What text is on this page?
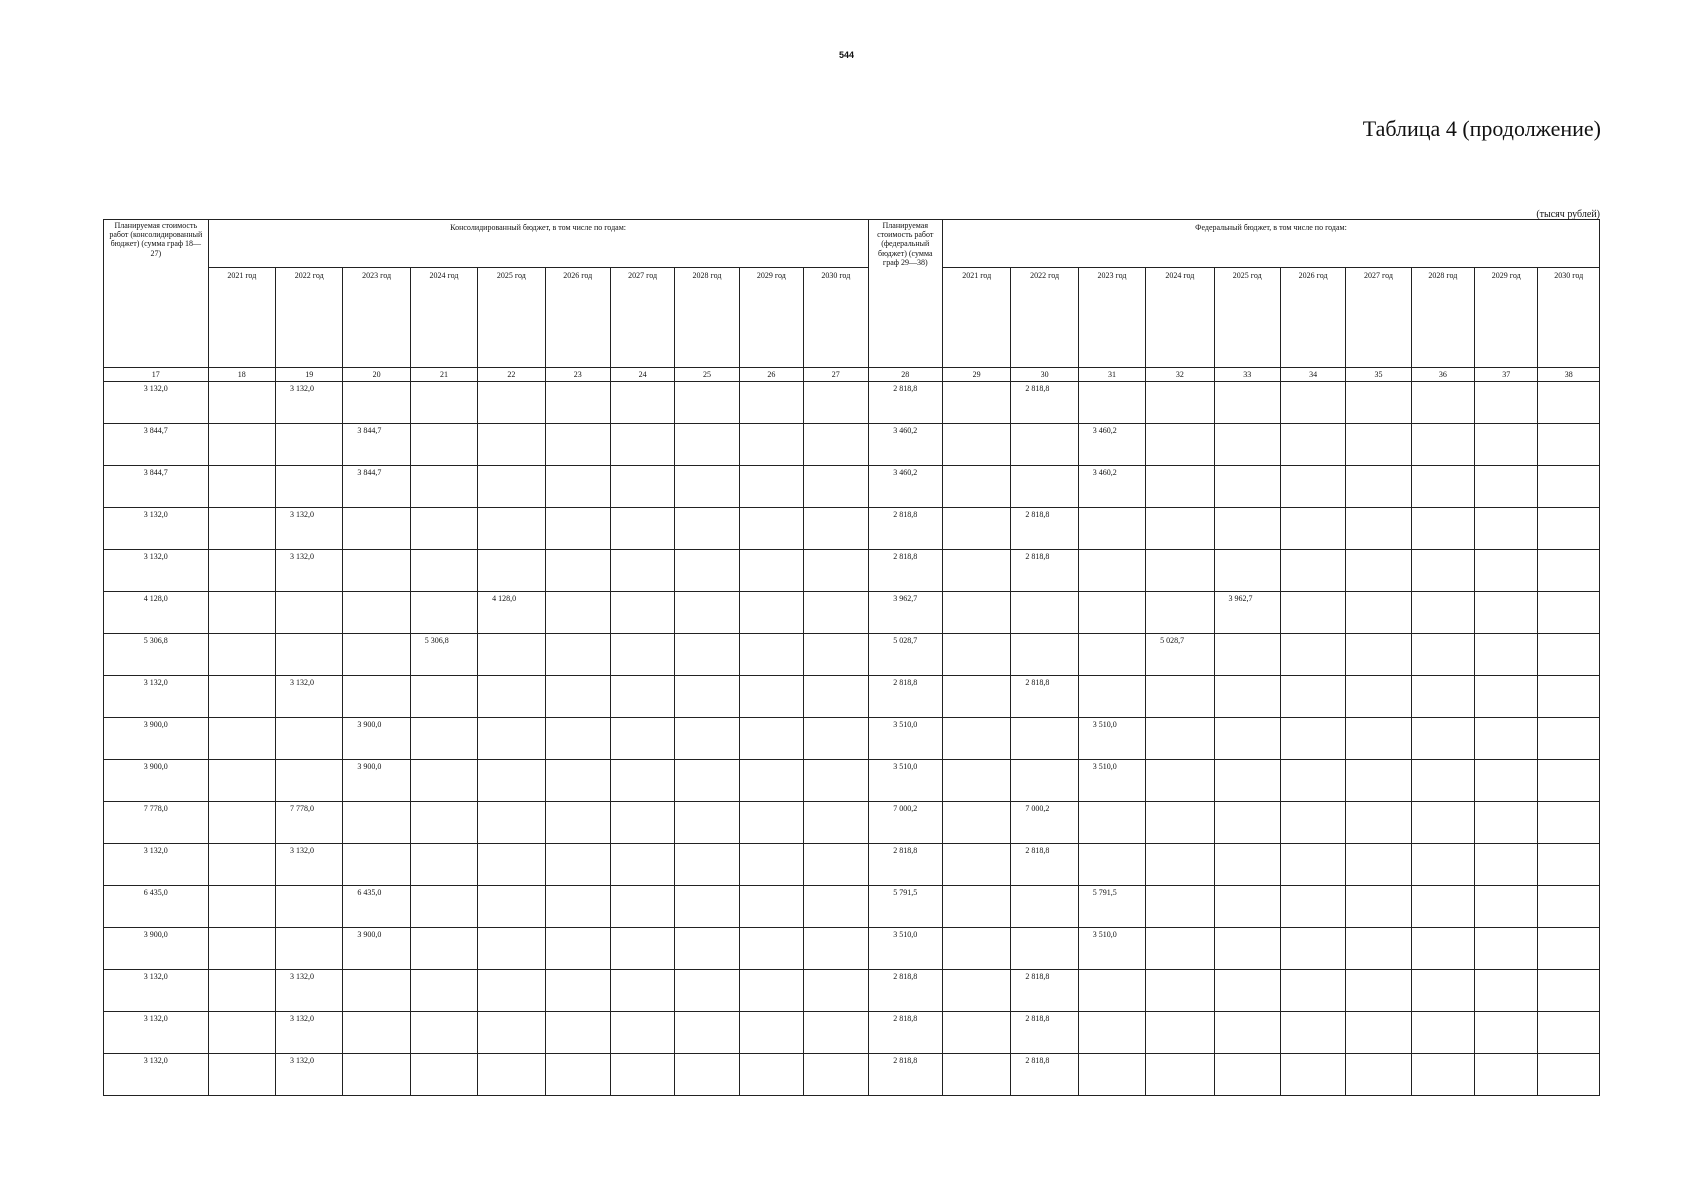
544
Таблица 4 (продолжение)
(тысяч рублей)
Планируемая стоимость работ (консолидированный бюджет) (сумма граф 18—27)	Консолидированный бюджет, в том числе по годам:										Планируемая стоимость работ (федеральный бюджет) (сумма граф 29—38)	Федеральный бюджет, в том числе по годам:									
	2021 год	2022 год	2023 год	2024 год	2025 год	2026 год	2027 год	2028 год	2029 год	2030 год		2021 год	2022 год	2023 год	2024 год	2025 год	2026 год	2027 год	2028 год	2029 год	2030 год
17	18	19	20	21	22	23	24	25	26	27	28	29	30	31	32	33	34	35	36	37	38
3 132,0		3 132,0									2 818,8		2 818,8								
3 844,7			3 844,7								3 460,2			3 460,2							
3 844,7			3 844,7								3 460,2			3 460,2							
3 132,0		3 132,0									2 818,8		2 818,8								
3 132,0		3 132,0									2 818,8		2 818,8								
4 128,0					4 128,0						3 962,7					3 962,7					
5 306,8				5 306,8							5 028,7				5 028,7						
3 132,0		3 132,0									2 818,8		2 818,8								
3 900,0			3 900,0								3 510,0			3 510,0							
3 900,0			3 900,0								3 510,0			3 510,0							
7 778,0		7 778,0									7 000,2		7 000,2								
3 132,0		3 132,0									2 818,8		2 818,8								
6 435,0			6 435,0								5 791,5			5 791,5							
3 900,0			3 900,0								3 510,0			3 510,0							
3 132,0		3 132,0									2 818,8		2 818,8								
3 132,0		3 132,0									2 818,8		2 818,8								
3 132,0		3 132,0									2 818,8		2 818,8								
